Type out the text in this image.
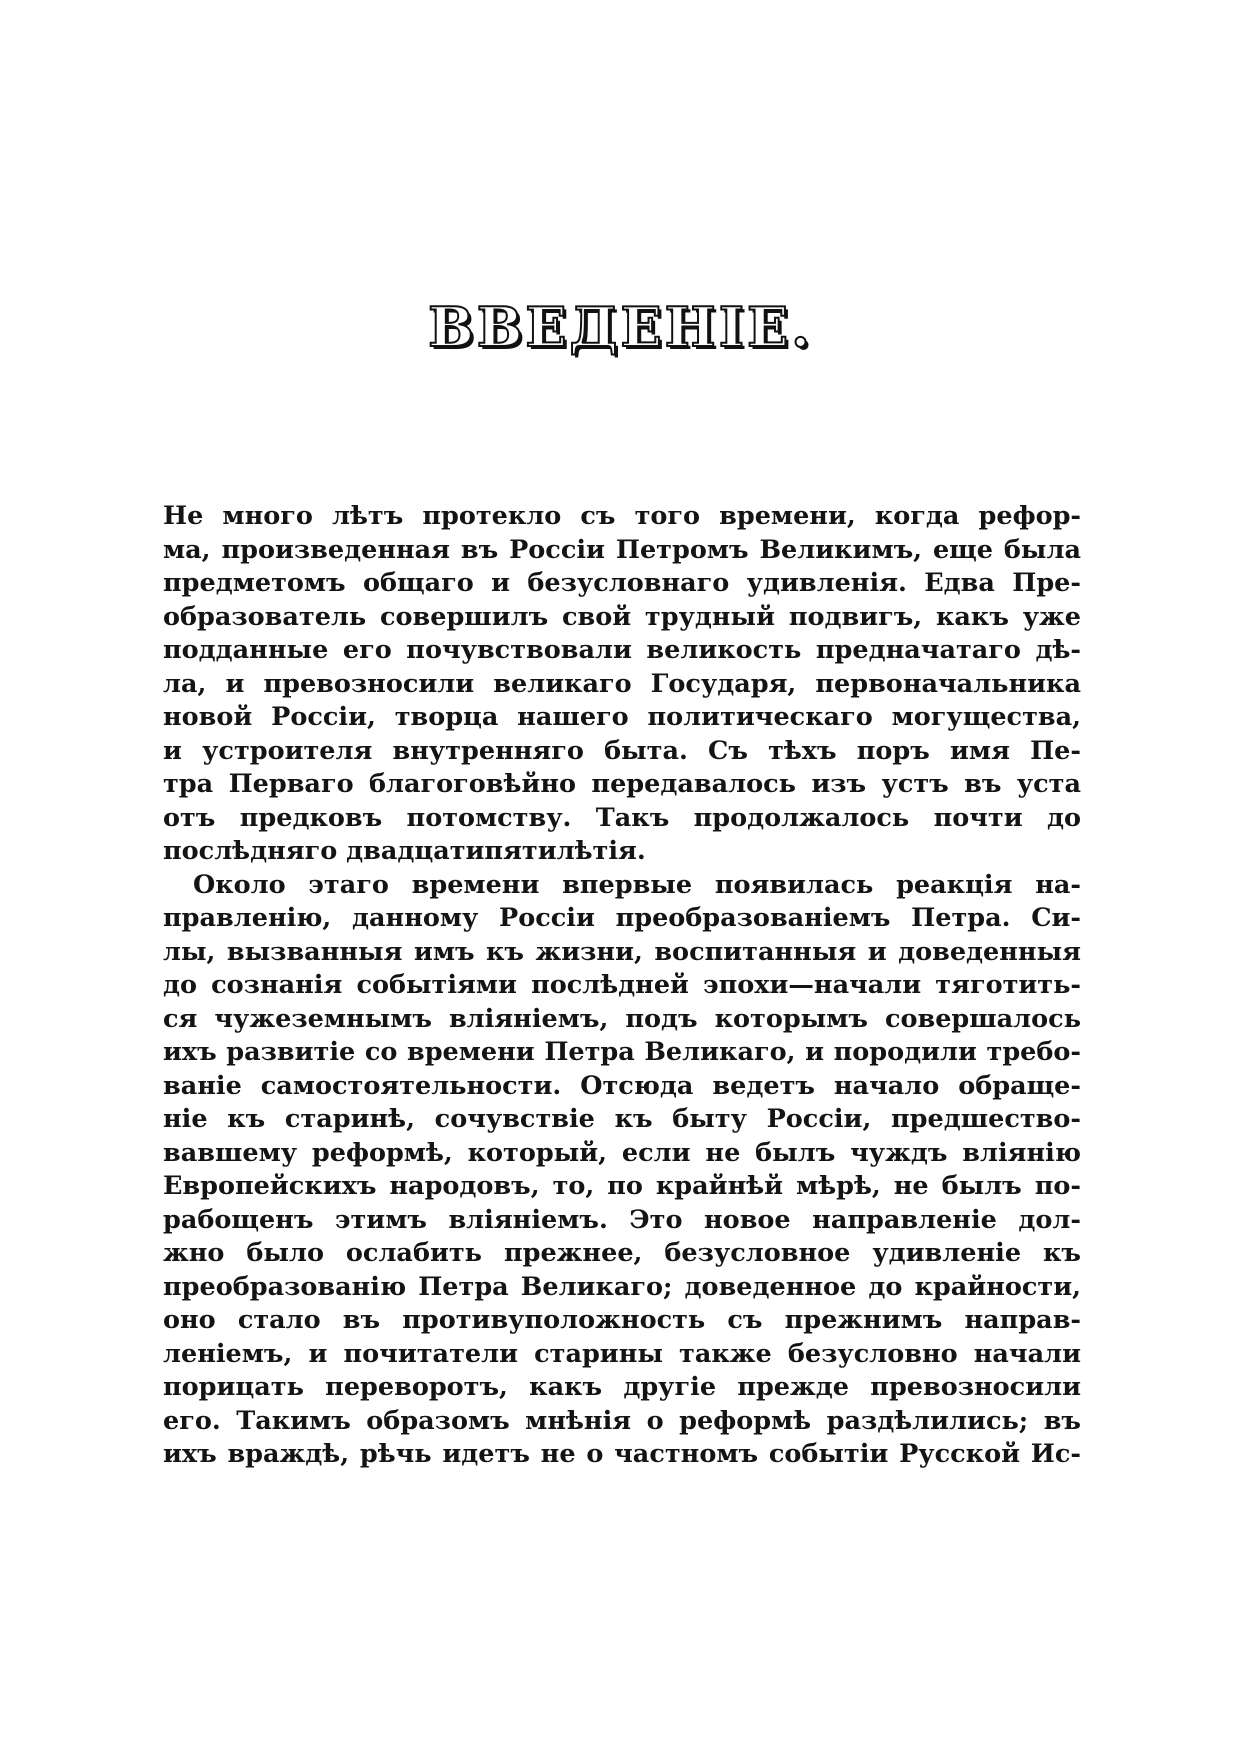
ВВЕДЕНІЕ.
Не много лѣтъ протекло съ того времени, когда рефор-
ма, произведенная въ Россіи Петромъ Великимъ, еще была
предметомъ общаго и безусловнаго удивленія. Едва Пре-
образователь совершилъ свой трудный подвигъ, какъ уже
подданные его почувствовали великость предначатаго дѣ-
ла, и превозносили великаго Государя, первоначальника
новой Россіи, творца нашего политическаго могущества,
и устроителя внутренняго быта. Съ тѣхъ поръ имя Пе-
тра Перваго благоговѣйно передавалось изъ устъ въ уста
отъ предковъ потомству. Такъ продолжалось почти до
послѣдняго двадцатипятилѣтія.
Около этаго времени впервые появилась реакція на-
правленію, данному Россіи преобразованіемъ Петра. Си-
лы, вызванныя имъ къ жизни, воспитанныя и доведенныя
до сознанія событіями послѣдней эпохи—начали тяготить-
ся чужеземнымъ вліяніемъ, подъ которымъ совершалось
ихъ развитіе со времени Петра Великаго, и породили требо-
ваніе самостоятельности. Отсюда ведетъ начало обраще-
ніе къ старинѣ, сочувствіе къ быту Россіи, предшество-
вавшему реформѣ, который, если не былъ чуждъ вліянію
Европейскихъ народовъ, то, по крайнѣй мѣрѣ, не былъ по-
рабощенъ этимъ вліяніемъ. Это новое направленіе дол-
жно было ослабить прежнее, безусловное удивленіе къ
преобразованію Петра Великаго; доведенное до крайности,
оно стало въ противуположность съ прежнимъ направ-
леніемъ, и почитатели старины также безусловно начали
порицать переворотъ, какъ другіе прежде превозносили
его. Такимъ образомъ мнѣнія о реформѣ раздѣлились; въ
ихъ враждѣ, рѣчь идетъ не о частномъ событіи Русской Ис-
